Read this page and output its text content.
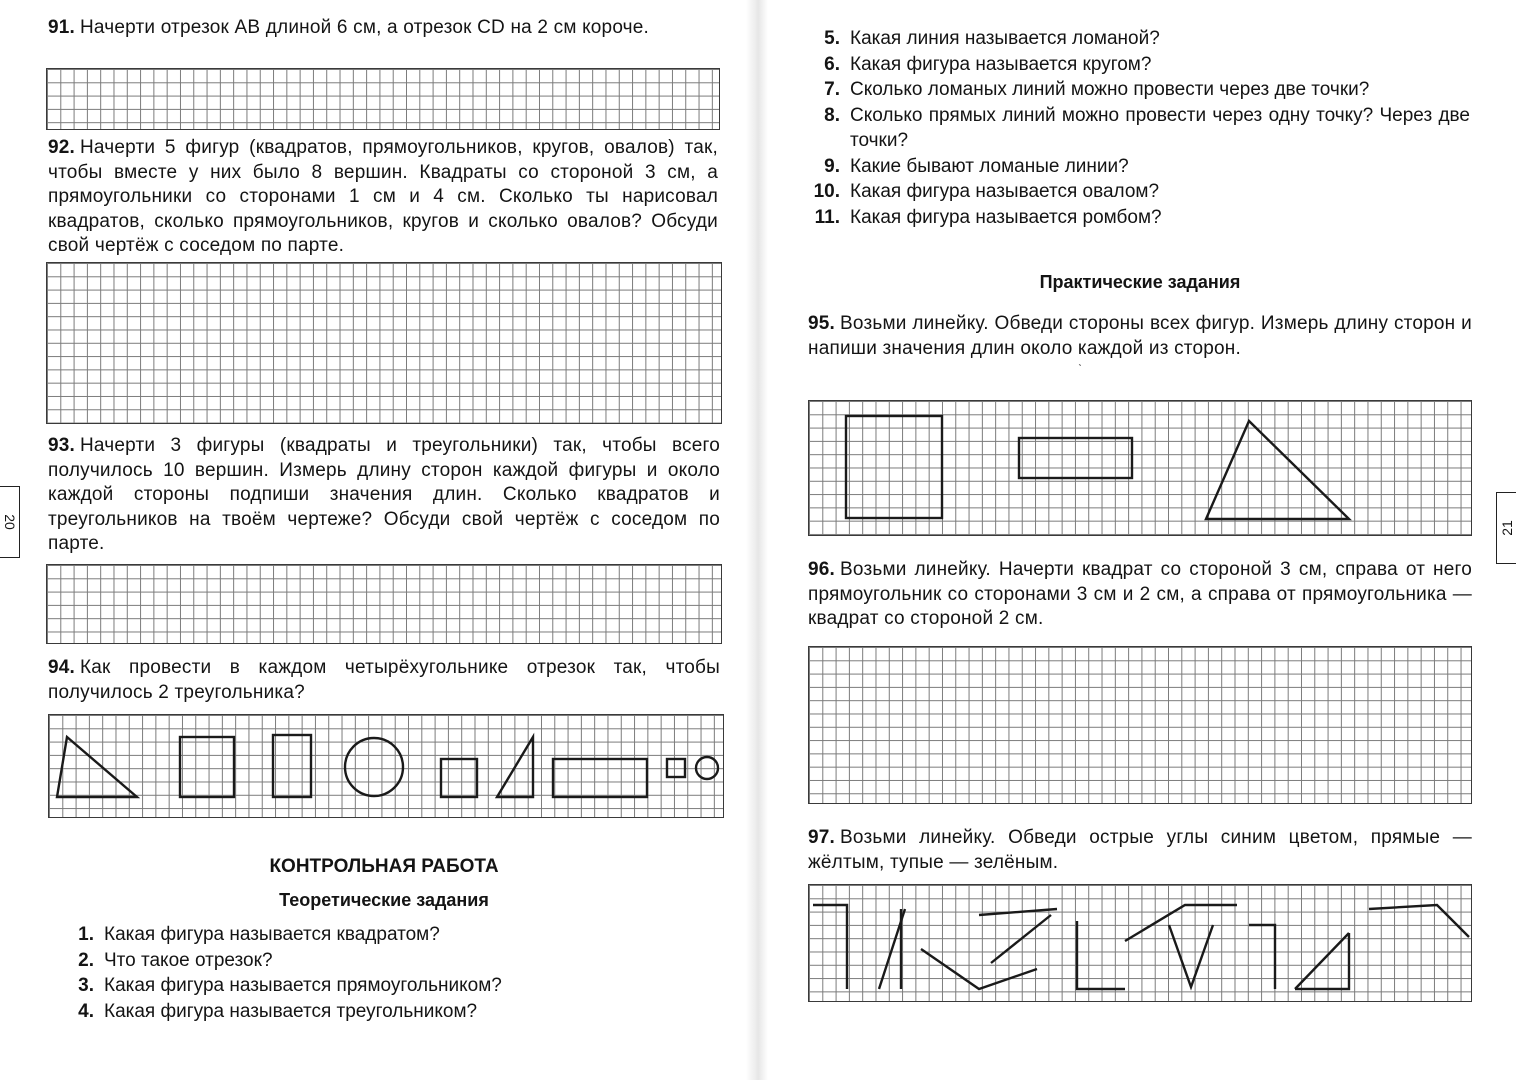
20
91. Начерти отрезок AB длиной 6 см, а отрезок CD на 2 см короче.
92. Начерти 5 фигур (квадратов, прямоугольников, кругов, овалов) так, чтобы вместе у них было 8 вершин. Квадраты со стороной 3 см, а прямоугольники со сторонами 1 см и 4 см. Сколько ты нарисовал квадратов, сколько прямоугольников, кругов и сколько овалов? Обсуди свой чертёж с соседом по парте.
93. Начерти 3 фигуры (квадраты и треугольники) так, чтобы всего получилось 10 вершин. Измерь длину сторон каждой фигуры и около каждой стороны подпиши значения длин. Сколько квадратов и треугольников на твоём чертеже? Обсуди свой чертёж с соседом по парте.
94. Как провести в каждом четырёхугольнике отрезок так, чтобы получилось 2 треугольника?
КОНТРОЛЬНАЯ РАБОТА
Теоретические задания
1. Какая фигура называется квадратом?
2. Что такое отрезок?
3. Какая фигура называется прямоугольником?
4. Какая фигура называется треугольником?
5. Какая линия называется ломаной?
6. Какая фигура называется кругом?
7. Сколько ломаных линий можно провести через две точки?
8. Сколько прямых линий можно провести через одну точку? Через две точки?
9. Какие бывают ломаные линии?
10. Какая фигура называется овалом?
11. Какая фигура называется ромбом?
Практические задания
95. Возьми линейку. Обведи стороны всех фигур. Измерь длину сторон и напиши значения длин около каждой из сторон.
96. Возьми линейку. Начерти квадрат со стороной 3 см, справа от него прямоугольник со сторонами 3 см и 2 см, а справа от прямоугольника — квадрат со стороной 2 см.
97. Возьми линейку. Обведи острые углы синим цветом, прямые — жёлтым, тупые — зелёным.
21
ˋ
